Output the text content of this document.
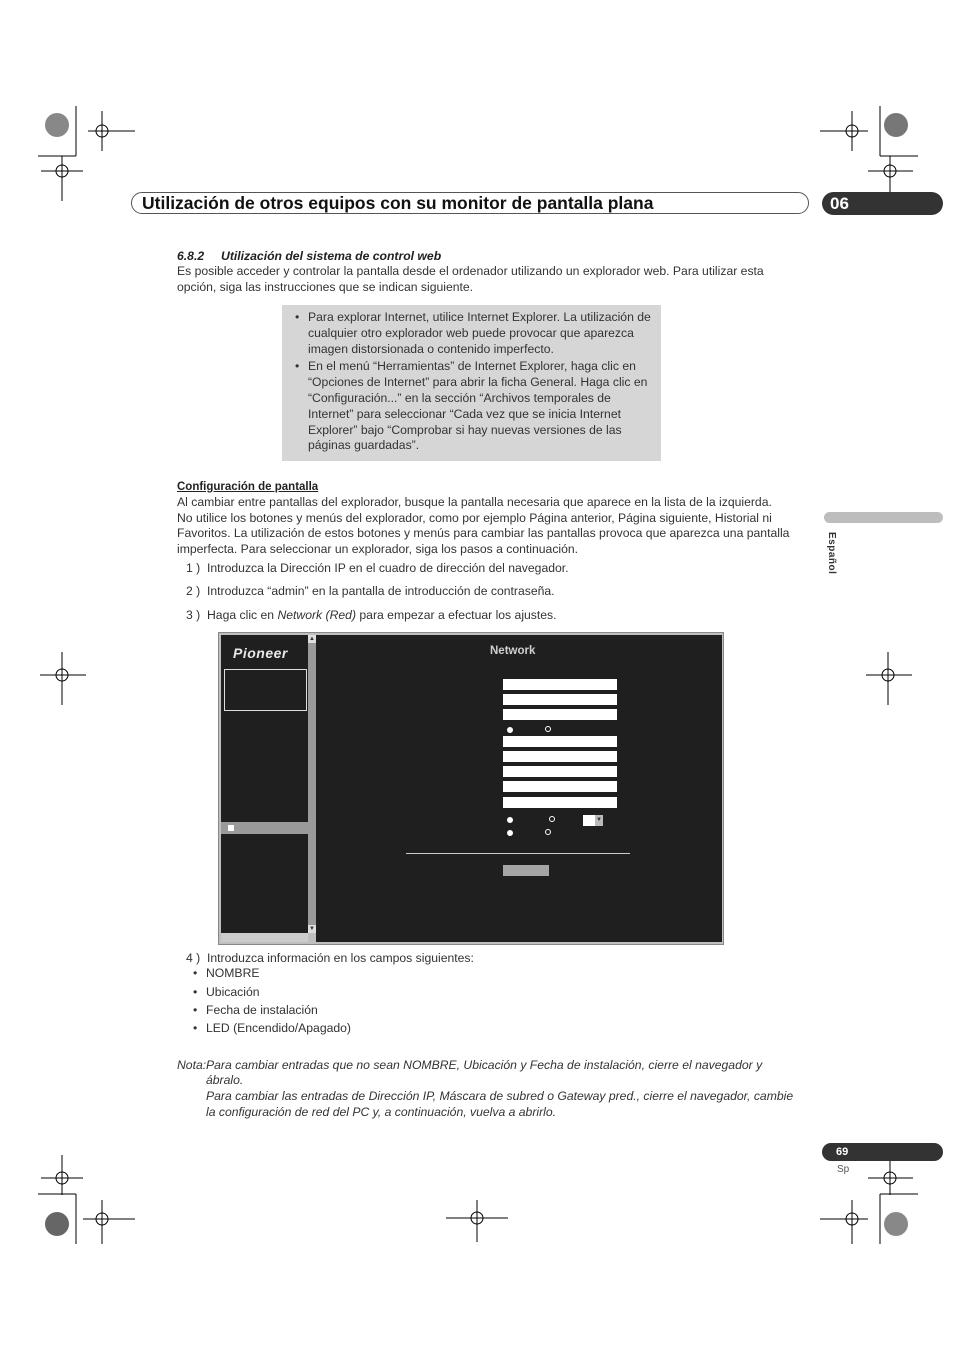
Utilización de otros equipos con su monitor de pantalla plana	06
Español
6.8.2     Utilización del sistema de control web
Es posible acceder y controlar la pantalla desde el ordenador utilizando un explorador web. Para utilizar esta
opción, siga las instrucciones que se indican siguiente.
• Para explorar Internet, utilice Internet Explorer. La utilización de cualquier otro explorador web puede provocar que aparezca imagen distorsionada o contenido imperfecto.
• En el menú “Herramientas” de Internet Explorer, haga clic en “Opciones de Internet” para abrir la ficha General. Haga clic en “Configuración...” en la sección “Archivos temporales de Internet” para seleccionar “Cada vez que se inicia Internet Explorer” bajo “Comprobar si hay nuevas versiones de las páginas guardadas”.
Configuración de pantalla
Al cambiar entre pantallas del explorador, busque la pantalla necesaria que aparece en la lista de la izquierda.
No utilice los botones y menús del explorador, como por ejemplo Página anterior, Página siguiente, Historial ni
Favoritos. La utilización de estos botones y menús para cambiar las pantallas provoca que aparezca una pantalla
imperfecta. Para seleccionar un explorador, siga los pasos a continuación.
1 )  Introduzca la Dirección IP en el cuadro de dirección del navegador.
2 )  Introduzca “admin” en la pantalla de introducción de contraseña.
3 )  Haga clic en Network (Red) para empezar a efectuar los ajustes.
Pioneer
▲
▼
Network
▼
4 )  Introduzca información en los campos siguientes:
• NOMBRE
• Ubicación
• Fecha de instalación
• LED (Encendido/Apagado)
Nota: Para cambiar entradas que no sean NOMBRE, Ubicación y Fecha de instalación, cierre el navegador y
ábralo.
Para cambiar las entradas de Dirección IP, Máscara de subred o Gateway pred., cierre el navegador, cambie
la configuración de red del PC y, a continuación, vuelva a abrirlo.
69
Sp
